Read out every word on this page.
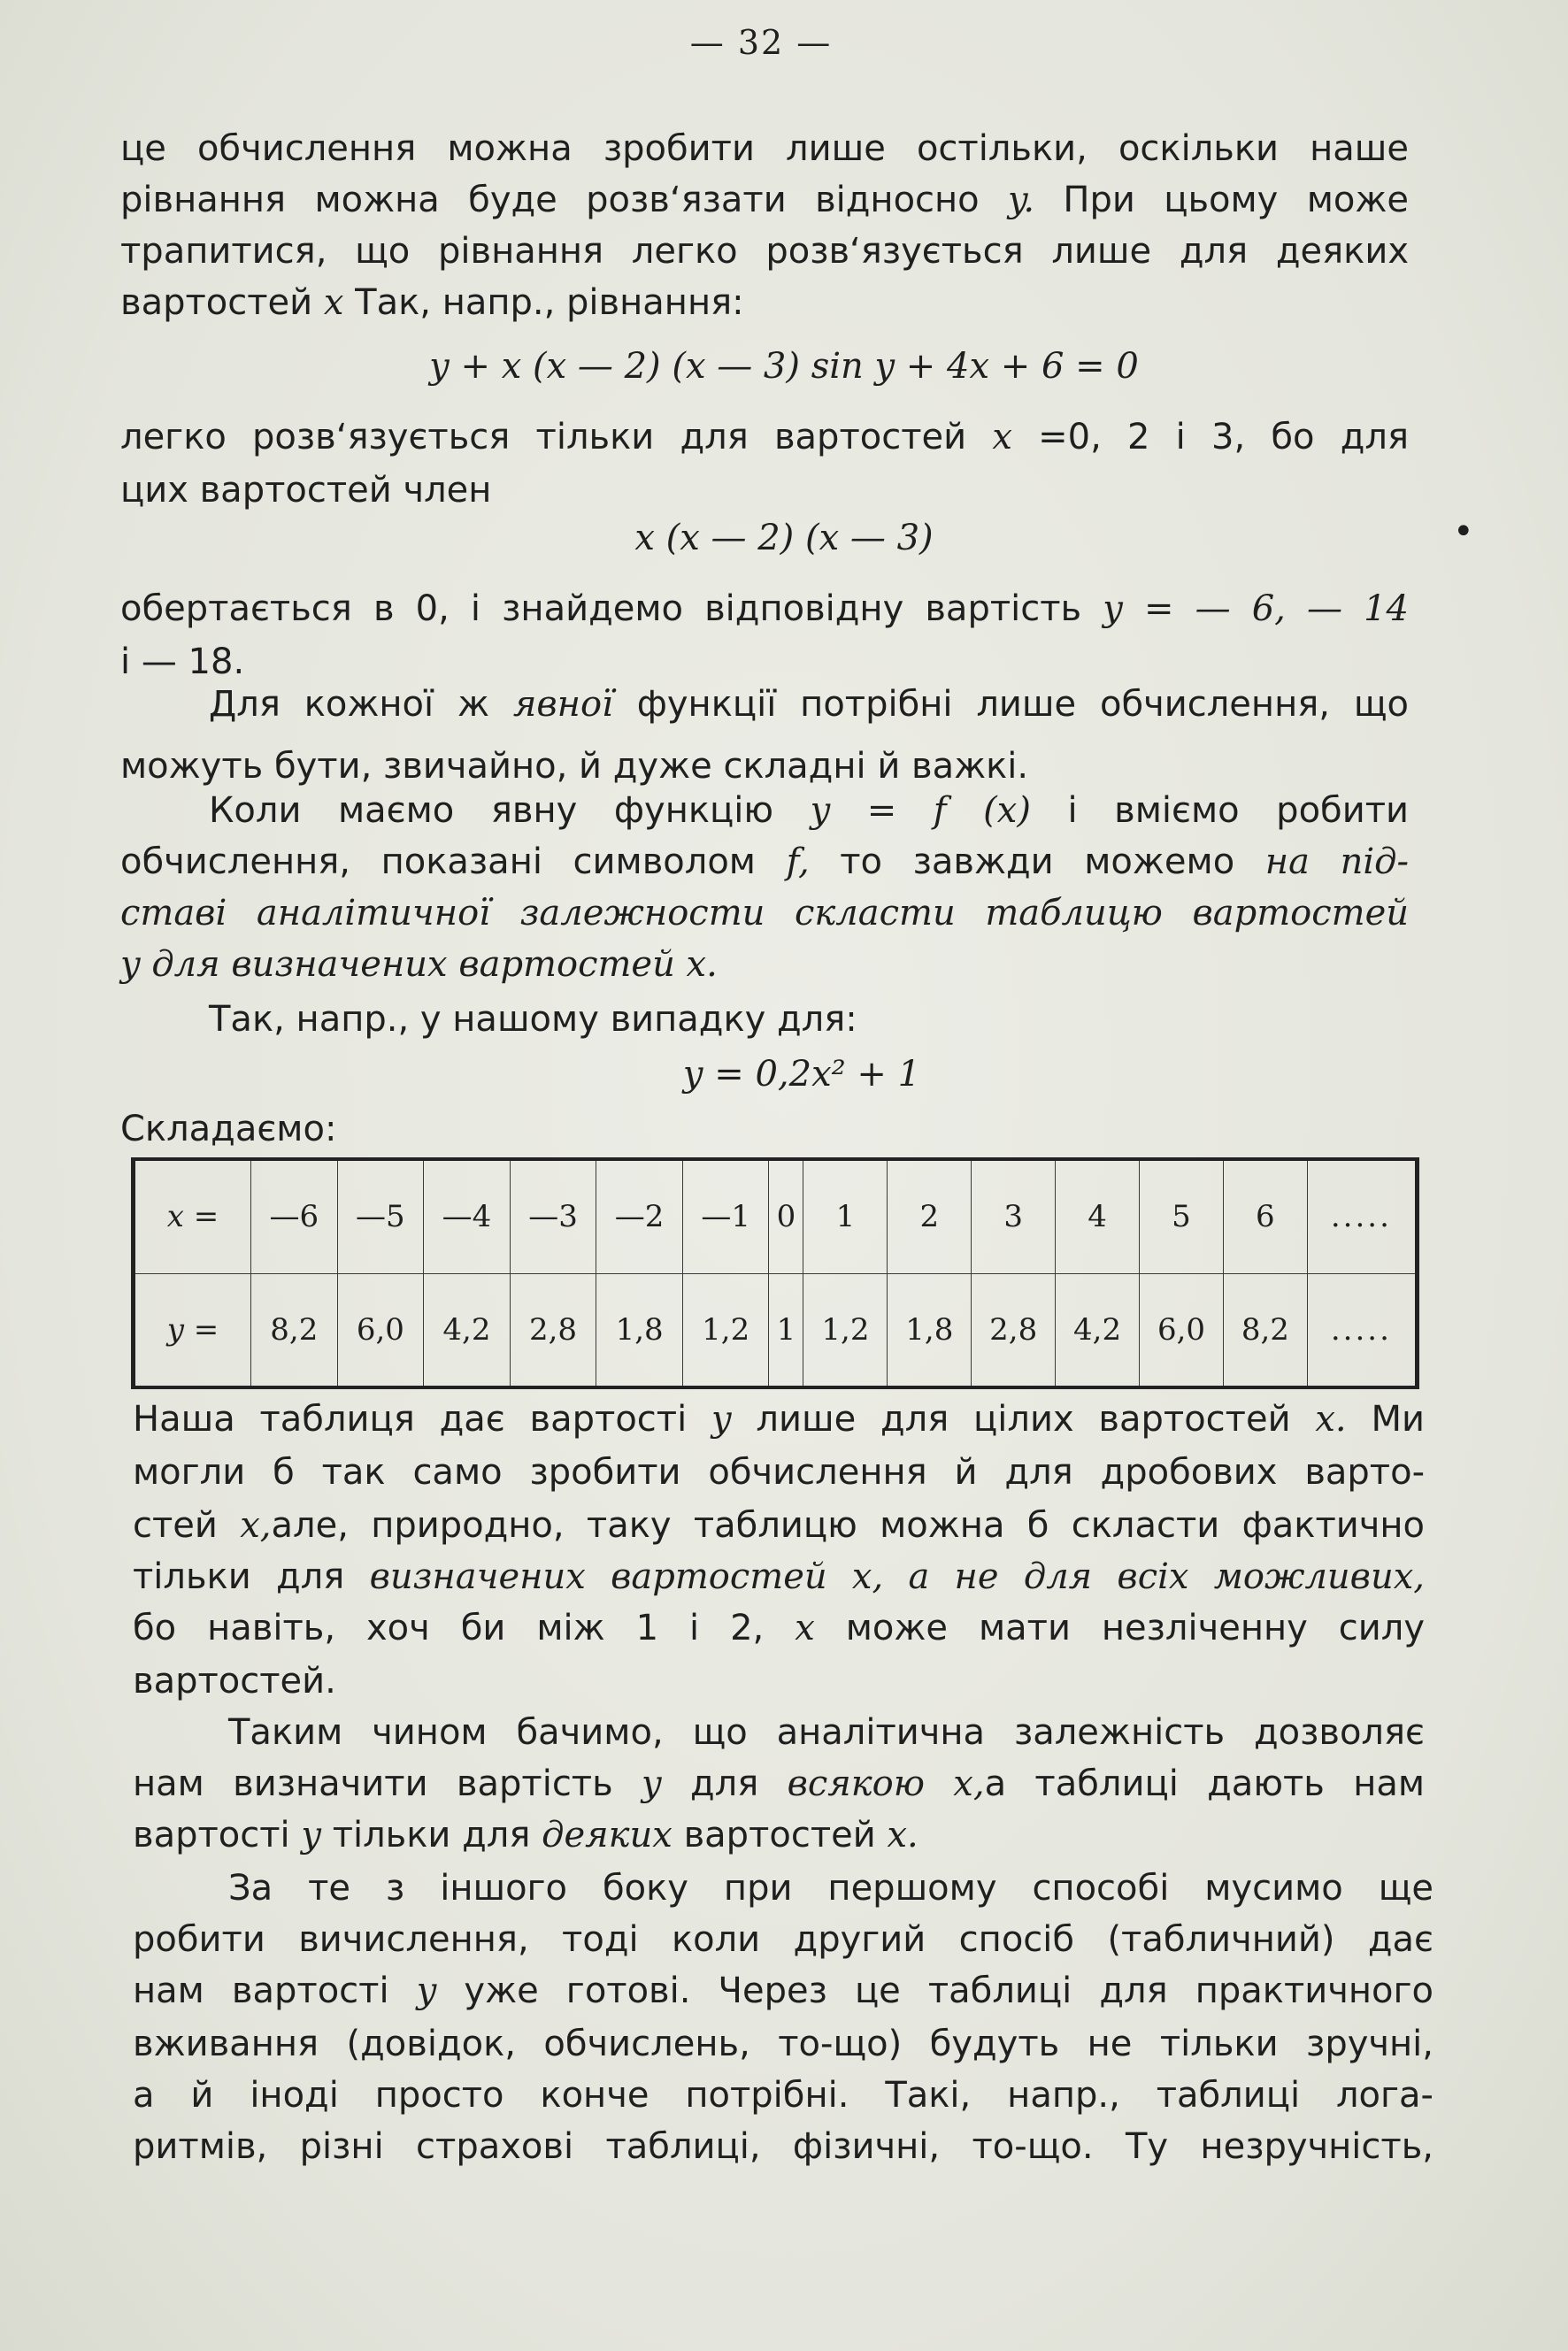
— 32 —
це обчислення можна зробити лише остільки, оскільки наше
рівнання можна буде розв‘язати відносно y. При цьому може
трапитися, що рівнання легко розв‘язується лише для деяких
вартостей x Так, напр., рівнання:
y + x (x — 2) (x — 3) sin y + 4x + 6 = 0
легко розв‘язується тільки для вартостей x =0, 2 і 3, бо для
цих вартостей член
x (x — 2) (x — 3)	•
обертається в 0, і знайдемо відповідну вартість y = — 6, — 14
і — 18.
Для кожної ж явної функції потрібні лише обчислення, що
можуть бути, звичайно, й дуже складні й важкі.
Коли маємо явну функцію y = f (x) і вміємо робити
обчислення, показані символом f, то завжди можемо на під-
ставі аналітичної залежности скласти таблицю вартостей
y для визначених вартостей x.
Так, напр., у нашому випадку для:
y = 0,2x² + 1
Складаємо:
x =	—6	—5	—4	—3	—2	—1	0	1	2	3	4	5	6	.....
y =	8,2	6,0	4,2	2,8	1,8	1,2	1	1,2	1,8	2,8	4,2	6,0	8,2	.....
Наша таблиця дає вартості y лише для цілих вартостей x. Ми
могли б так само зробити обчислення й для дробових варто-
стей x,але, природно, таку таблицю можна б скласти фактично
тільки для визначених вартостей x, а не для всіх можливих,
бо навіть, хоч би між 1 і 2, x може мати незліченну силу
вартостей.
Таким чином бачимо, що аналітична залежність дозволяє
нам визначити вартість y для всякою x,а таблиці дають нам
вартості y тільки для деяких вартостей x.
За те з іншого боку при першому способі мусимо ще
робити вичислення, тоді коли другий спосіб (табличний) дає
нам вартості y уже готові. Через це таблиці для практичного
вживання (довідок, обчислень, то-що) будуть не тільки зручні,
а й іноді просто конче потрібні. Такі, напр., таблиці лога-
ритмів, різні страхові таблиці, фізичні, то-що. Ту незручність,
